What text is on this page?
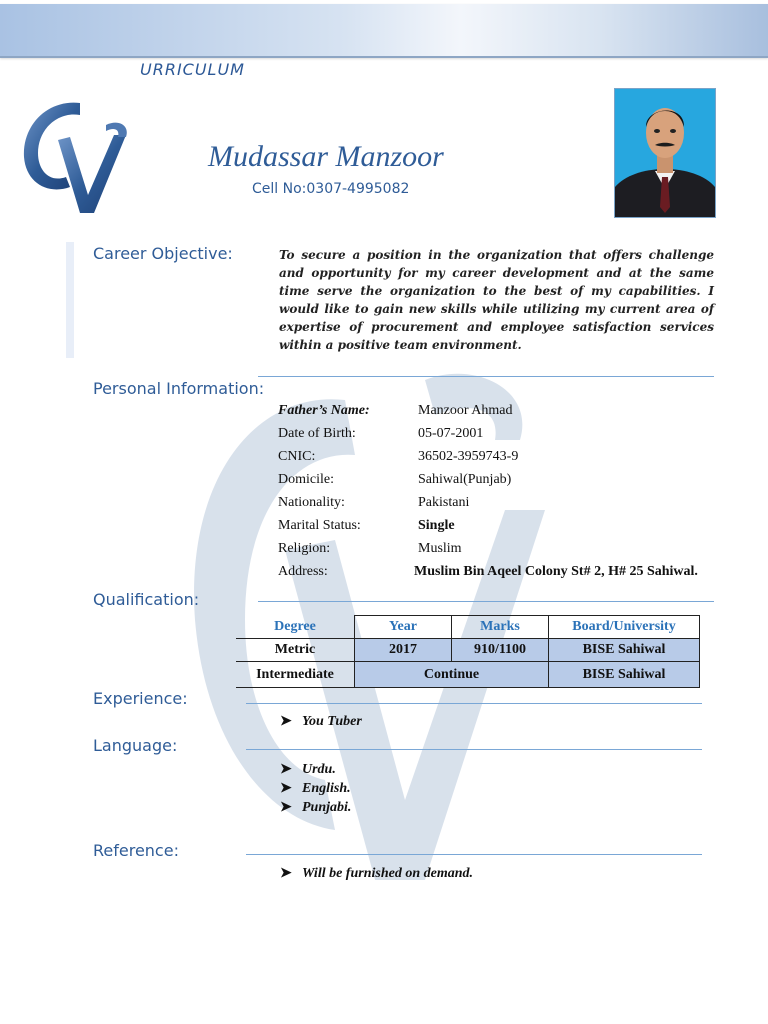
URRICULUM
Mudassar Manzoor
Cell No:0307-4995082
Career Objective:	To secure a position in the organization that offers challenge and opportunity for my career development and at the same time serve the organization to the best of my capabilities. I would like to gain new skills while utilizing my current area of expertise of procurement and employee satisfaction services within a positive team environment.
Personal Information:
Father’s Name:	Manzoor Ahmad
Date of Birth:	05-07-2001
CNIC:	36502-3959743-9
Domicile:	Sahiwal(Punjab)
Nationality:	Pakistani
Marital Status:	Single
Religion:	Muslim
Address:	Muslim Bin Aqeel Colony St# 2, H# 25 Sahiwal.
Qualification:
Degree	Year	Marks	Board/University
Metric	2017	910/1100	BISE Sahiwal
Intermediate	Continue		BISE Sahiwal
Experience:
➤ You Tuber
Language:
➤ Urdu.
➤ English.
➤ Punjabi.
Reference:
➤ Will be furnished on demand.
